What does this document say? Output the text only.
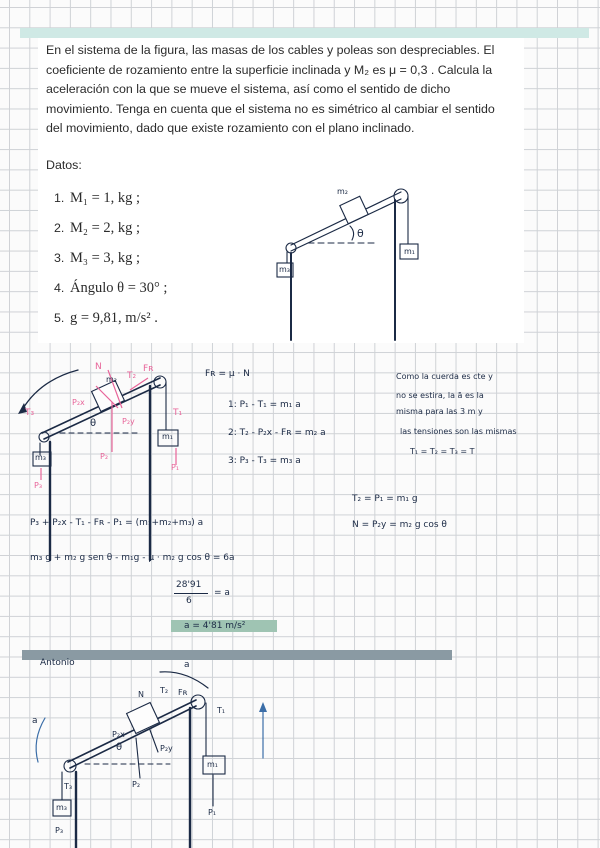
En el sistema de la figura, las masas de los cables y poleas son despreciables. El coeficiente de rozamiento entre la superficie inclinada y M₂ es μ = 0,3 . Calcula la aceleración con la que se mueve el sistema, así como el sentido de dicho movimiento. Tenga en cuenta que el sistema no es simétrico al cambiar el sentido del movimiento, dado que existe rozamiento con el plano inclinado.

Datos:
1. M₁ = 1, kg ;
2. M₂ = 2, kg ;
3. M₃ = 3, kg ;
4. Ángulo θ = 30° ;
5. g = 9,81, m/s² .
m₂
m₁
m₃
θ
N	Fʀ
T₂
m₂
P₂x
P₂y
P₂
T₃	T₁
m₁
P₁
m₃
P₃
θ
Fʀ = μ · N
1: P₁ - T₁ = m₁ a
2: T₂ - P₂x - Fʀ = m₂ a
3: P₃ - T₃ = m₃ a
Como la cuerda es cte y
no se estira, la ā es la
misma para las 3 m y
las tensiones son las mismas
T₁ = T₂ = T₃ = T
T₂ = P₁ = m₁ g
N = P₂y = m₂ g cos θ
P₃ + P₂x - T₁ - Fʀ - P₁ = (m₁+m₂+m₃) a
m₃ g + m₂ g sen θ - m₁g - μ · m₂ g cos θ = 6a
28'91
6
= a
a = 4'81 m/s²
Antonio	a
a
T₁
T₂ Fʀ
N
P₂x
P₂y
P₂
m₁
P₁
m₃
P₃
T₃
θ
